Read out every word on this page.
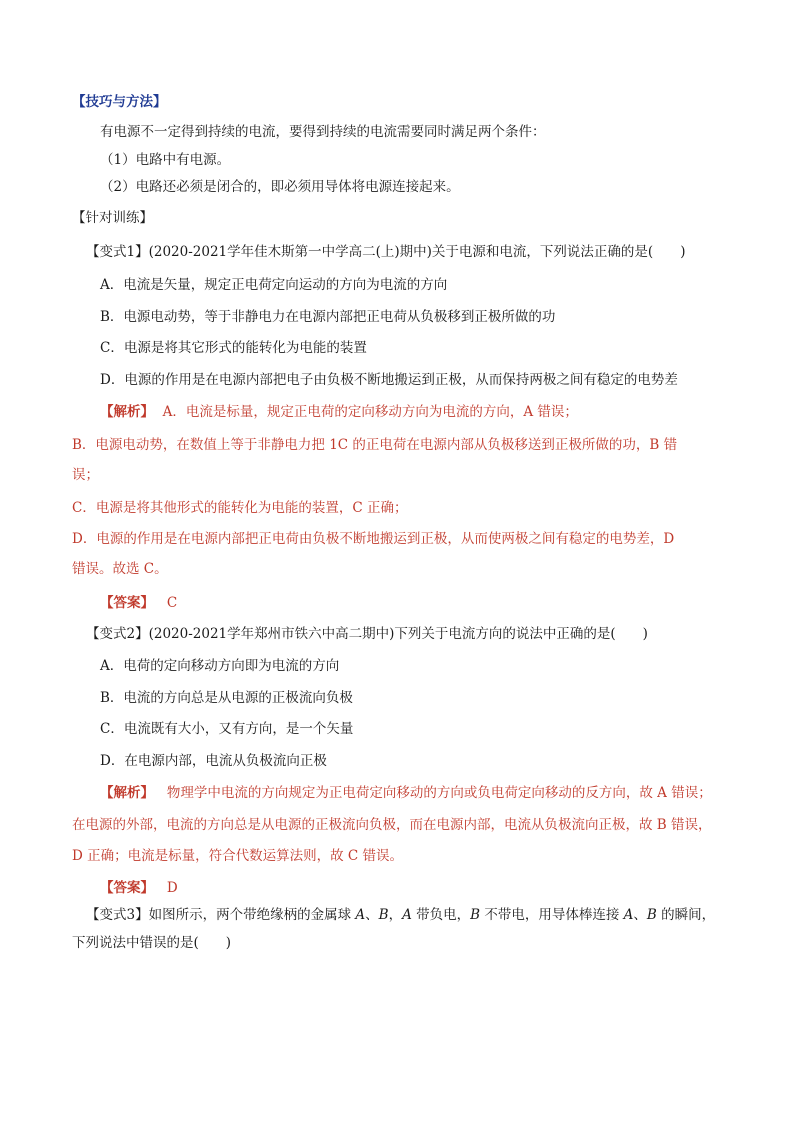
【技巧与方法】
有电源不一定得到持续的电流，要得到持续的电流需要同时满足两个条件：
（1）电路中有电源。
（2）电路还必须是闭合的，即必须用导体将电源连接起来。
【针对训练】
【变式1】(2020-2021学年佳木斯第一中学高二(上)期中)关于电源和电流，下列说法正确的是(　　)
A．电流是矢量，规定正电荷定向运动的方向为电流的方向
B．电源电动势，等于非静电力在电源内部把正电荷从负极移到正极所做的功
C．电源是将其它形式的能转化为电能的装置
D．电源的作用是在电源内部把电子由负极不断地搬运到正极，从而保持两极之间有稳定的电势差
【解析】 A．电流是标量，规定正电荷的定向移动方向为电流的方向，A 错误；
B．电源电动势，在数值上等于非静电力把 1C 的正电荷在电源内部从负极移送到正极所做的功，B 错
误；
C．电源是将其他形式的能转化为电能的装置，C 正确；
D．电源的作用是在电源内部把正电荷由负极不断地搬运到正极，从而使两极之间有稳定的电势差，D
错误。故选 C。
【答案】 C
【变式2】(2020-2021学年郑州市铁六中高二期中)下列关于电流方向的说法中正确的是(　　)
A．电荷的定向移动方向即为电流的方向
B．电流的方向总是从电源的正极流向负极
C．电流既有大小，又有方向，是一个矢量
D．在电源内部，电流从负极流向正极
【解析】 物理学中电流的方向规定为正电荷定向移动的方向或负电荷定向移动的反方向，故 A 错误；
在电源的外部，电流的方向总是从电源的正极流向负极，而在电源内部，电流从负极流向正极，故 B 错误，
D 正确；电流是标量，符合代数运算法则，故 C 错误。
【答案】 D
【变式3】如图所示，两个带绝缘柄的金属球 A、B，A 带负电，B 不带电，用导体棒连接 A、B 的瞬间，
下列说法中错误的是(　　)
